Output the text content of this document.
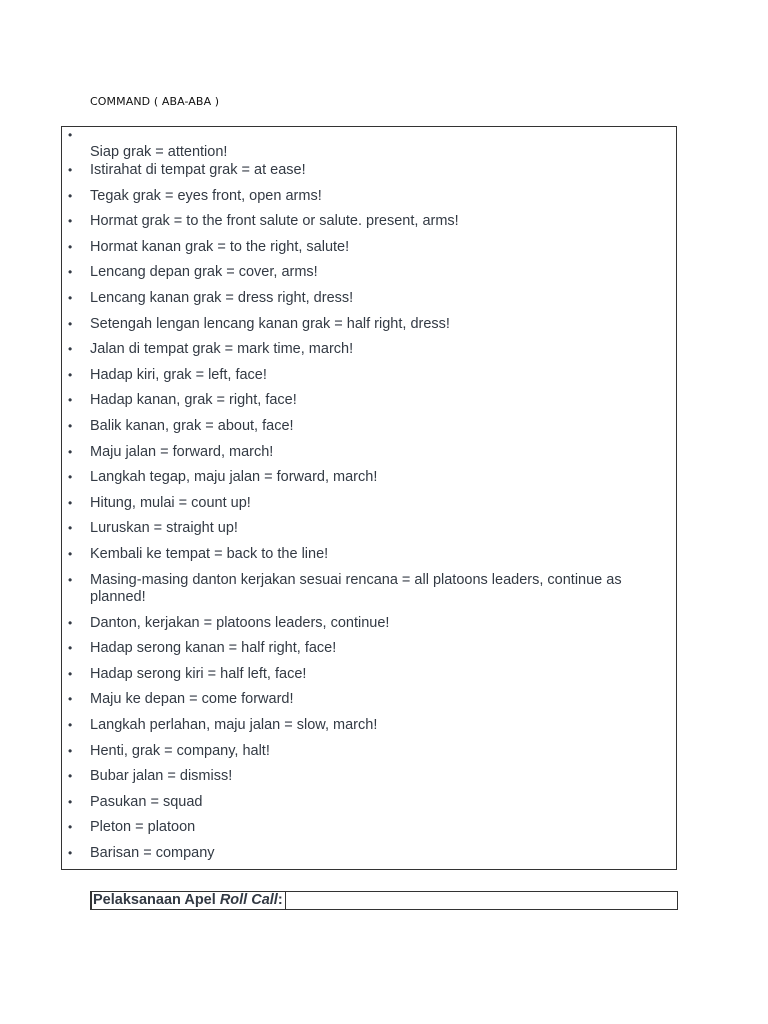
COMMAND ( ABA-ABA )
•
Siap grak = attention!
• Istirahat di tempat grak = at ease!
• Tegak grak = eyes front, open arms!
• Hormat grak = to the front salute or salute. present, arms!
• Hormat kanan grak = to the right, salute!
• Lencang depan grak = cover, arms!
• Lencang kanan grak = dress right, dress!
• Setengah lengan lencang kanan grak = half right, dress!
• Jalan di tempat grak = mark time, march!
• Hadap kiri, grak = left, face!
• Hadap kanan, grak = right, face!
• Balik kanan, grak = about, face!
• Maju jalan = forward, march!
• Langkah tegap, maju jalan = forward, march!
• Hitung, mulai = count up!
• Luruskan = straight up!
• Kembali ke tempat = back to the line!
• Masing-masing danton kerjakan sesuai rencana = all platoons leaders, continue as planned!
• Danton, kerjakan = platoons leaders, continue!
• Hadap serong kanan = half right, face!
• Hadap serong kiri = half left, face!
• Maju ke depan = come forward!
• Langkah perlahan, maju jalan = slow, march!
• Henti, grak = company, halt!
• Bubar jalan = dismiss!
• Pasukan = squad
• Pleton = platoon
• Barisan = company
Pelaksanaan Apel Roll Call:
